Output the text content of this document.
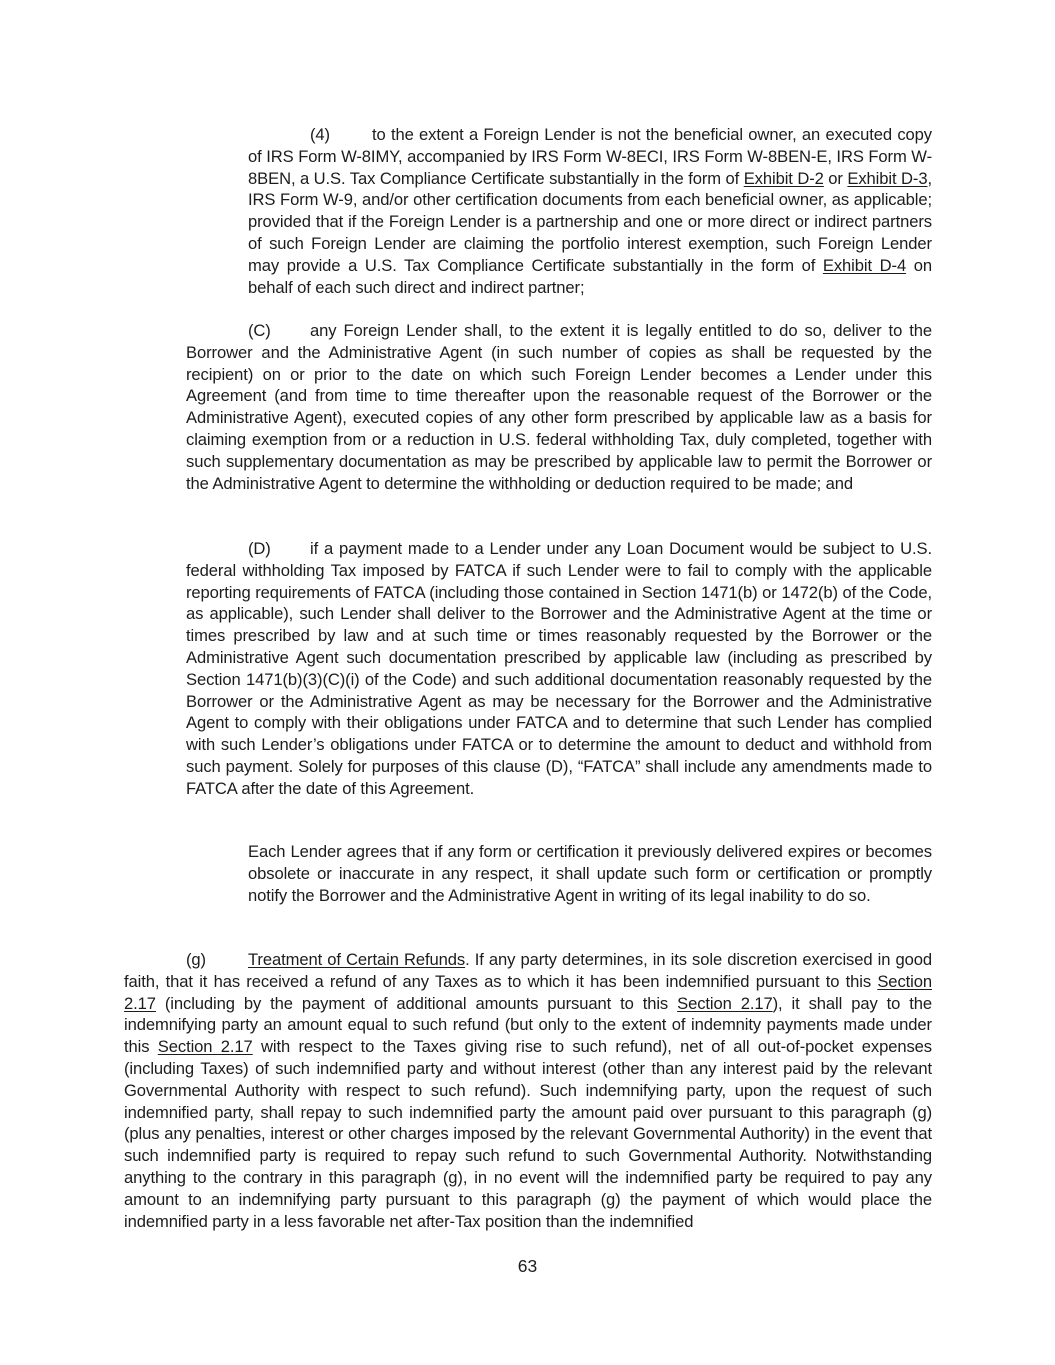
(4)	to the extent a Foreign Lender is not the beneficial owner, an executed copy of IRS Form W-8IMY, accompanied by IRS Form W-8ECI, IRS Form W-8BEN-E, IRS Form W-8BEN, a U.S. Tax Compliance Certificate substantially in the form of Exhibit D-2 or Exhibit D-3, IRS Form W-9, and/or other certification documents from each beneficial owner, as applicable; provided that if the Foreign Lender is a partnership and one or more direct or indirect partners of such Foreign Lender are claiming the portfolio interest exemption, such Foreign Lender may provide a U.S. Tax Compliance Certificate substantially in the form of Exhibit D-4 on behalf of each such direct and indirect partner;
(C) any Foreign Lender shall, to the extent it is legally entitled to do so, deliver to the Borrower and the Administrative Agent (in such number of copies as shall be requested by the recipient) on or prior to the date on which such Foreign Lender becomes a Lender under this Agreement (and from time to time thereafter upon the reasonable request of the Borrower or the Administrative Agent), executed copies of any other form prescribed by applicable law as a basis for claiming exemption from or a reduction in U.S. federal withholding Tax, duly completed, together with such supplementary documentation as may be prescribed by applicable law to permit the Borrower or the Administrative Agent to determine the withholding or deduction required to be made; and
(D) if a payment made to a Lender under any Loan Document would be subject to U.S. federal withholding Tax imposed by FATCA if such Lender were to fail to comply with the applicable reporting requirements of FATCA (including those contained in Section 1471(b) or 1472(b) of the Code, as applicable), such Lender shall deliver to the Borrower and the Administrative Agent at the time or times prescribed by law and at such time or times reasonably requested by the Borrower or the Administrative Agent such documentation prescribed by applicable law (including as prescribed by Section 1471(b)(3)(C)(i) of the Code) and such additional documentation reasonably requested by the Borrower or the Administrative Agent as may be necessary for the Borrower and the Administrative Agent to comply with their obligations under FATCA and to determine that such Lender has complied with such Lender’s obligations under FATCA or to determine the amount to deduct and withhold from such payment. Solely for purposes of this clause (D), “FATCA” shall include any amendments made to FATCA after the date of this Agreement.
Each Lender agrees that if any form or certification it previously delivered expires or becomes obsolete or inaccurate in any respect, it shall update such form or certification or promptly notify the Borrower and the Administrative Agent in writing of its legal inability to do so.
(g)	Treatment of Certain Refunds. If any party determines, in its sole discretion exercised in good faith, that it has received a refund of any Taxes as to which it has been indemnified pursuant to this Section 2.17 (including by the payment of additional amounts pursuant to this Section 2.17), it shall pay to the indemnifying party an amount equal to such refund (but only to the extent of indemnity payments made under this Section 2.17 with respect to the Taxes giving rise to such refund), net of all out-of-pocket expenses (including Taxes) of such indemnified party and without interest (other than any interest paid by the relevant Governmental Authority with respect to such refund). Such indemnifying party, upon the request of such indemnified party, shall repay to such indemnified party the amount paid over pursuant to this paragraph (g) (plus any penalties, interest or other charges imposed by the relevant Governmental Authority) in the event that such indemnified party is required to repay such refund to such Governmental Authority. Notwithstanding anything to the contrary in this paragraph (g), in no event will the indemnified party be required to pay any amount to an indemnifying party pursuant to this paragraph (g) the payment of which would place the indemnified party in a less favorable net after-Tax position than the indemnified
63
